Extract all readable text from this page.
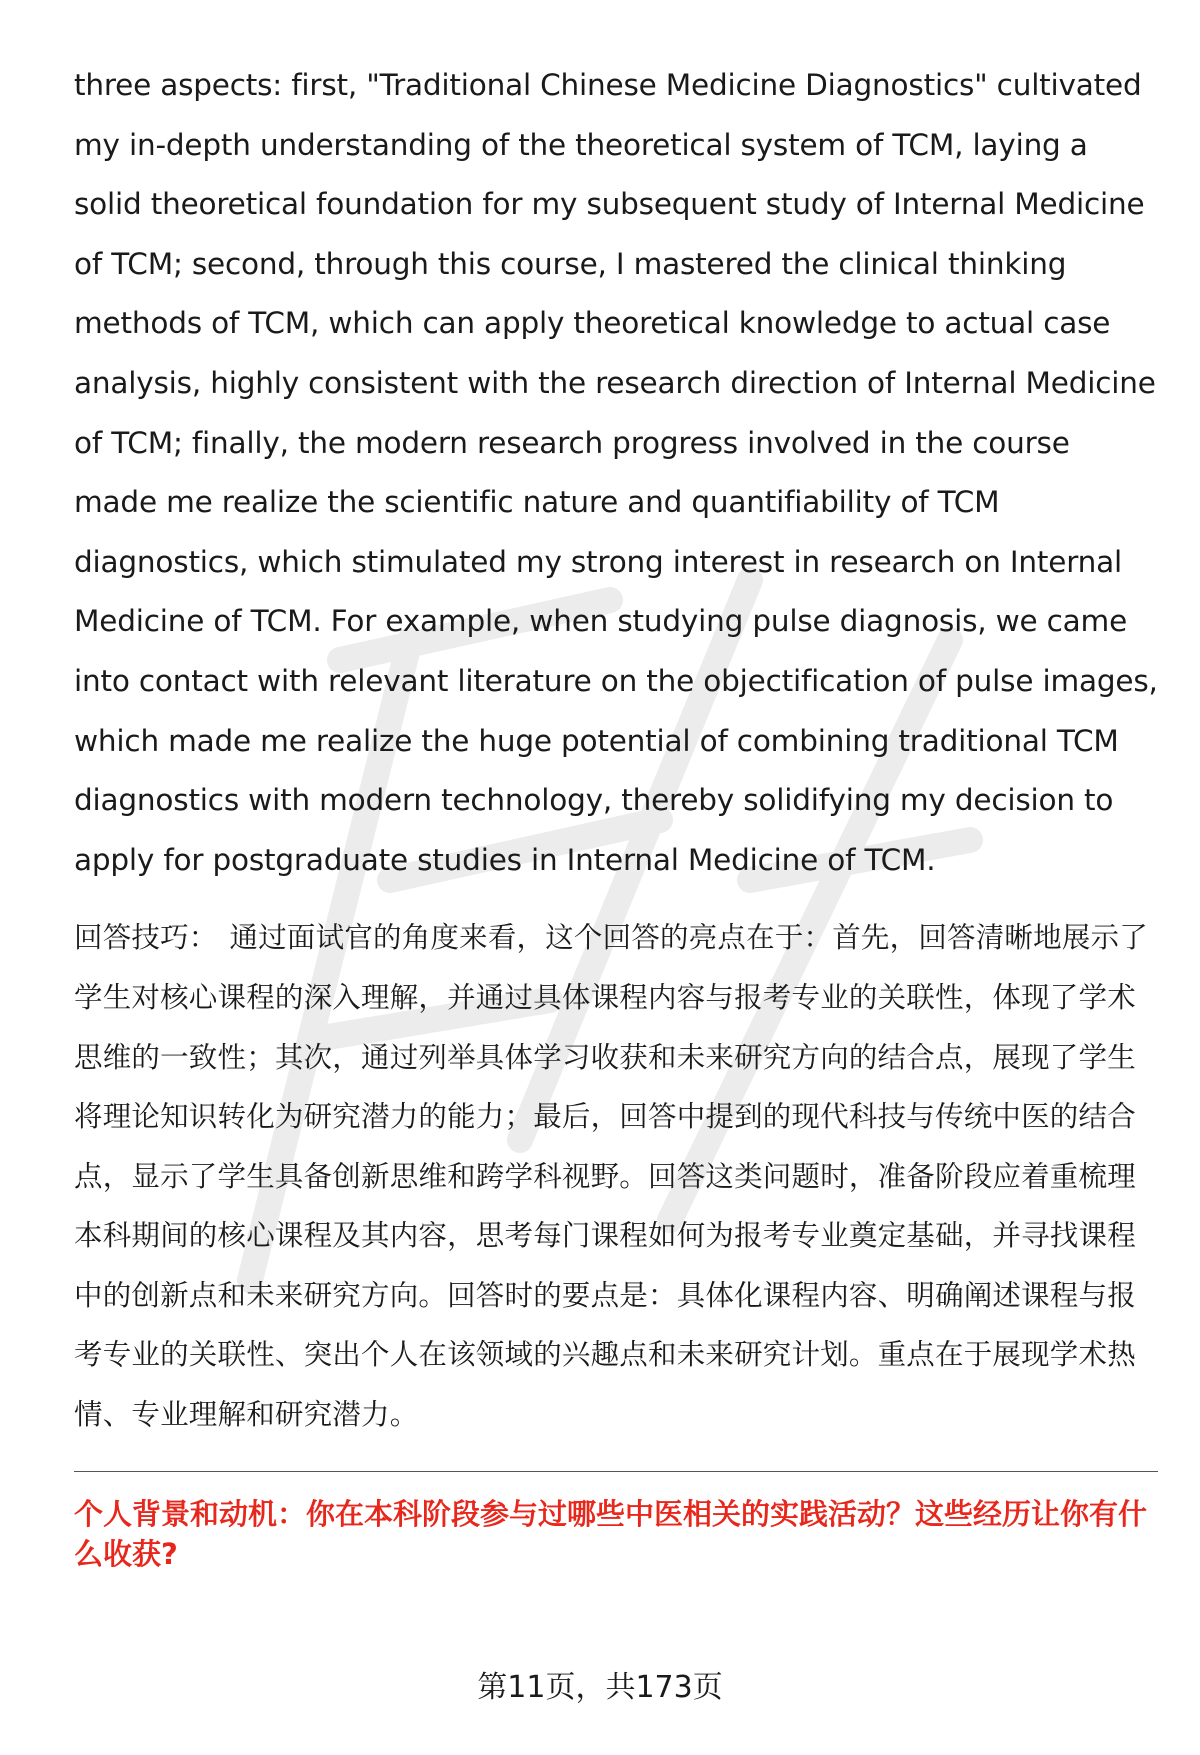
three aspects: first, "Traditional Chinese Medicine Diagnostics" cultivated my in-depth understanding of the theoretical system of TCM, laying a solid theoretical foundation for my subsequent study of Internal Medicine of TCM; second, through this course, I mastered the clinical thinking methods of TCM, which can apply theoretical knowledge to actual case analysis, highly consistent with the research direction of Internal Medicine of TCM; finally, the modern research progress involved in the course made me realize the scientific nature and quantifiability of TCM diagnostics, which stimulated my strong interest in research on Internal Medicine of TCM. For example, when studying pulse diagnosis, we came into contact with relevant literature on the objectification of pulse images, which made me realize the huge potential of combining traditional TCM diagnostics with modern technology, thereby solidifying my decision to apply for postgraduate studies in Internal Medicine of TCM.

回答技巧： 通过面试官的角度来看，这个回答的亮点在于：首先，回答清晰地展示了学生对核心课程的深入理解，并通过具体课程内容与报考专业的关联性，体现了学术思维的一致性；其次，通过列举具体学习收获和未来研究方向的结合点，展现了学生将理论知识转化为研究潜力的能力；最后，回答中提到的现代科技与传统中医的结合点，显示了学生具备创新思维和跨学科视野。回答这类问题时，准备阶段应着重梳理本科期间的核心课程及其内容，思考每门课程如何为报考专业奠定基础，并寻找课程中的创新点和未来研究方向。回答时的要点是：具体化课程内容、明确阐述课程与报考专业的关联性、突出个人在该领域的兴趣点和未来研究计划。重点在于展现学术热情、专业理解和研究潜力。

个人背景和动机：你在本科阶段参与过哪些中医相关的实践活动？这些经历让你有什么收获?

第11页，共173页
